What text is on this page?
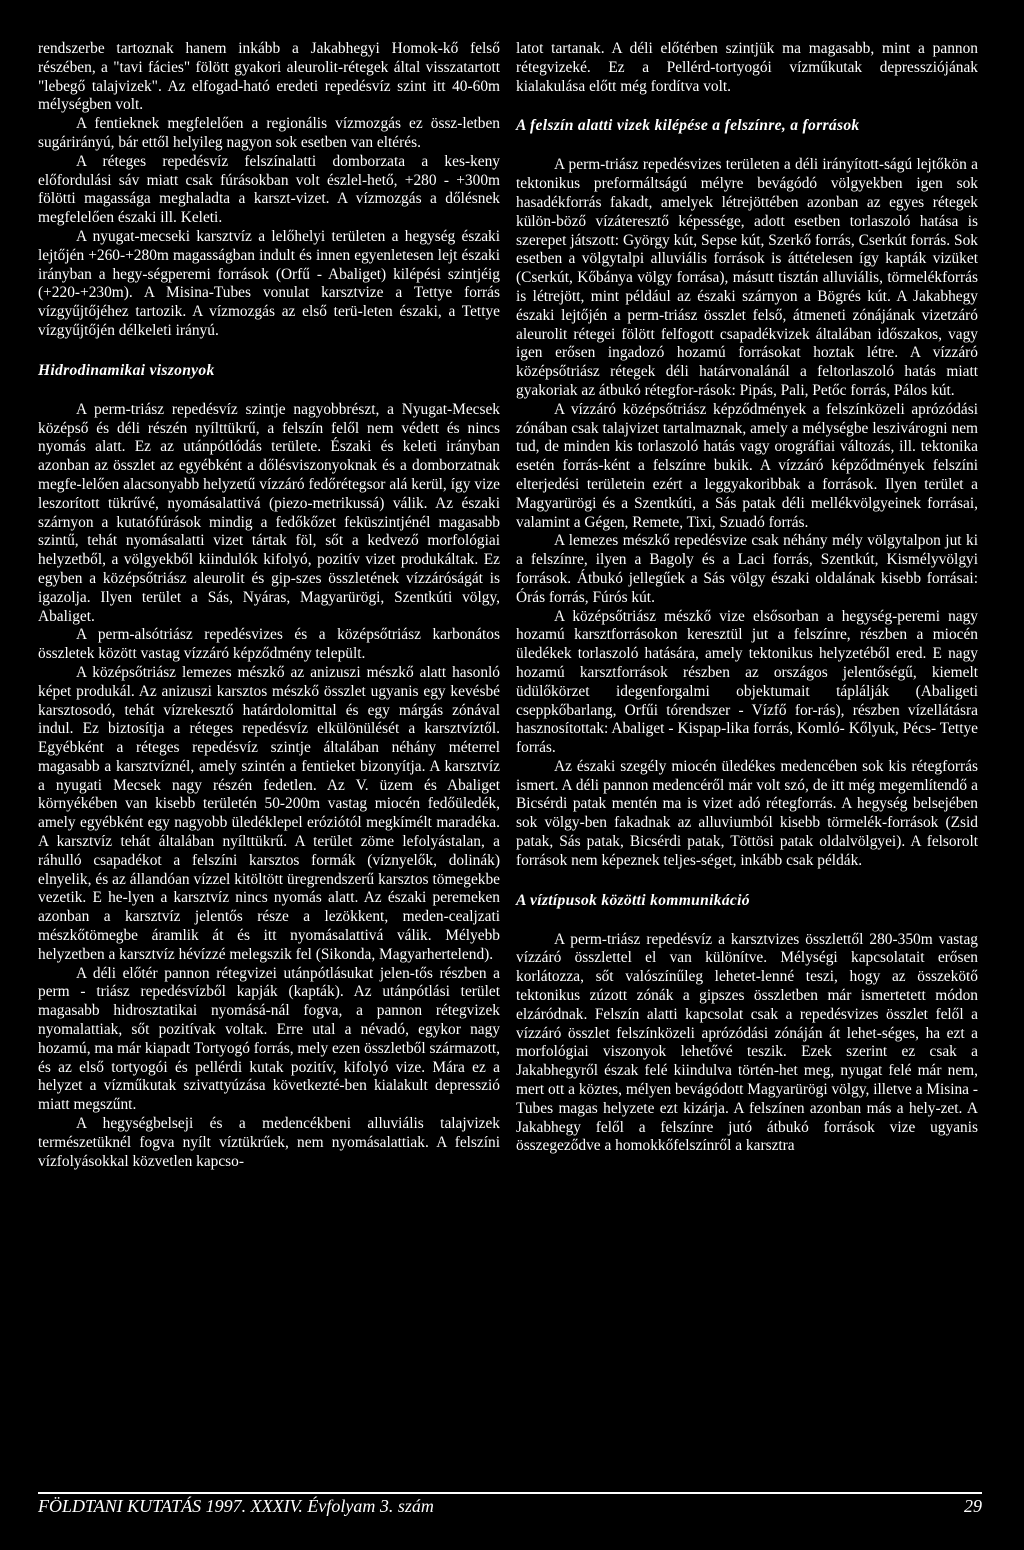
rendszerbe tartoznak hanem inkább a Jakabhegyi Homok-kő felső részében, a "tavi fácies" fölött gyakori aleurolit-rétegek által visszatartott "lebegő talajvizek". Az elfogad-ható eredeti repedésvíz szint itt 40-60m mélységben volt.

A fentieknek megfelelően a regionális vízmozgás ez össz-letben sugárirányú, bár ettől helyileg nagyon sok esetben van eltérés.

A réteges repedésvíz felszínalatti domborzata a kes-keny előfordulási sáv miatt csak fúrásokban volt észlel-hető, +280 - +300m fölötti magassága meghaladta a karszt-vizet. A vízmozgás a dőlésnek megfelelően északi ill. Keleti.

A nyugat-mecseki karsztvíz a lelőhelyi területen a hegység északi lejtőjén +260-+280m magasságban indult és innen egyenletesen lejt északi irányban a hegy-ségperemi források (Orfű - Abaliget) kilépési szintjéig (+220-+230m). A Misina-Tubes vonulat karsztvize a Tettye forrás vízgyűjtőjéhez tartozik. A vízmozgás az első terü-leten északi, a Tettye vízgyűjtőjén délkeleti irányú.

Hidrodinamikai viszonyok

A perm-triász repedésvíz szintje nagyobbrészt, a Nyugat-Mecsek középső és déli részén nyílttükrű, a felszín felől nem védett és nincs nyomás alatt. Ez az utánpótlódás területe. Északi és keleti irányban azonban az összlet az egyébként a dőlésviszonyoknak és a domborzatnak megfe-lelően alacsonyabb helyzetű vízzáró fedőrétegsor alá kerül, így vize leszorított tükrűvé, nyomásalattivá (piezo-metrikussá) válik. Az északi szárnyon a kutatófúrások mindig a fedőkőzet feküszintjénél magasabb szintű, tehát nyomásalatti vizet tártak föl, sőt a kedvező morfológiai helyzetből, a völgyekből kiindulók kifolyó, pozitív vizet produkáltak. Ez egyben a középsőtriász aleurolit és gip-szes összletének vízzáróságát is igazolja. Ilyen terület a Sás, Nyáras, Magyarürögi, Szentkúti völgy, Abaliget.

A perm-alsótriász repedésvizes és a középsőtriász karbonátos összletek között vastag vízzáró képződmény települt.

A középsőtriász lemezes mészkő az anizuszi mészkő alatt hasonló képet produkál. Az anizuszi karsztos mészkő összlet ugyanis egy kevésbé karsztosodó, tehát vízrekesztő határdolomittal és egy márgás zónával indul. Ez biztosítja a réteges repedésvíz elkülönülését a karsztvíztől. Egyébként a réteges repedésvíz szintje általában néhány méterrel magasabb a karsztvíznél, amely szintén a fentieket bizonyítja. A karsztvíz a nyugati Mecsek nagy részén fedetlen. Az V. üzem és Abaliget környékében van kisebb területén 50-200m vastag miocén fedőüledék, amely egyébként egy nagyobb üledéklepel eróziótól megkímélt maradéka. A karsztvíz tehát általában nyílttükrű. A terület zöme lefolyástalan, a ráhulló csapadékot a felszíni karsztos formák (víznyelők, dolinák) elnyelik, és az állandóan vízzel kitöltött üregrendszerű karsztos tömegekbe vezetik. E he-lyen a karsztvíz nincs nyomás alatt. Az északi peremeken azonban a karsztvíz jelentős része a lezökkent, meden-cealjzati mészkőtömegbe áramlik át és itt nyomásalattivá válik. Mélyebb helyzetben a karsztvíz hévízzé melegszik fel (Sikonda, Magyarhertelend).

A déli előtér pannon rétegvizei utánpótlásukat jelen-tős részben a perm - triász repedésvízből kapják (kapták). Az utánpótlási terület magasabb hidrosztatikai nyomásá-nál fogva, a pannon rétegvizek nyomalattiak, sőt pozitívak voltak. Erre utal a névadó, egykor nagy hozamú, ma már kiapadt Tortyogó forrás, mely ezen összletből származott, és az első tortyogói és pellérdi kutak pozitív, kifolyó vize. Mára ez a helyzet a vízműkutak szivattyúzása következté-ben kialakult depresszió miatt megszűnt.

A hegységbelseji és a medencékbeni alluviális talajvizek természetüknél fogva nyílt víztükrűek, nem nyomásalattiak. A felszíni vízfolyásokkal közvetlen kapcso-

latot tartanak. A déli előtérben szintjük ma magasabb, mint a pannon rétegvizeké. Ez a Pellérd-tortyogói vízműkutak depressziójának kialakulása előtt még fordítva volt.

A felszín alatti vizek kilépése a felszínre, a források

A perm-triász repedésvizes területen a déli irányított-ságú lejtőkön a tektonikus preformáltságú mélyre bevágódó völgyekben igen sok hasadékforrás fakadt, amelyek létrejöttében azonban az egyes rétegek külön-böző vízáteresztő képessége, adott esetben torlaszoló hatása is szerepet játszott: György kút, Sepse kút, Szerkő forrás, Cserkút forrás. Sok esetben a völgytalpi alluviális források is áttételesen így kapták vizüket (Cserkút, Kőbánya völgy forrása), másutt tisztán alluviális, törmelékforrás is létrejött, mint például az északi szárnyon a Bögrés kút. A Jakabhegy északi lejtőjén a perm-triász összlet felső, átmeneti zónájának vizetzáró aleurolit rétegei fölött felfogott csapadékvizek általában időszakos, vagy igen erősen ingadozó hozamú forrásokat hoztak létre. A vízzáró középsőtriász rétegek déli határvonalánál a feltorlaszoló hatás miatt gyakoriak az átbukó rétegfor-rások: Pipás, Pali, Petőc forrás, Pálos kút.

A vízzáró középsőtriász képződmények a felszínközeli aprózódási zónában csak talajvizet tartalmaznak, amely a mélységbe leszivárogni nem tud, de minden kis torlaszoló hatás vagy orográfiai változás, ill. tektonika esetén forrás-ként a felszínre bukik. A vízzáró képződmények felszíni elterjedési területein ezért a leggyakoribbak a források. Ilyen terület a Magyarürögi és a Szentkúti, a Sás patak déli mellékvölgyeinek forrásai, valamint a Gégen, Remete, Tixi, Szuadó forrás.

A lemezes mészkő repedésvize csak néhány mély völgytalpon jut ki a felszínre, ilyen a Bagoly és a Laci forrás, Szentkút, Kismélyvölgyi források. Átbukó jellegűek a Sás völgy északi oldalának kisebb forrásai: Órás forrás, Fúrós kút.

A középsőtriász mészkő vize elsősorban a hegység-peremi nagy hozamú karsztforrásokon keresztül jut a felszínre, részben a miocén üledékek torlaszoló hatására, amely tektonikus helyzetéből ered. E nagy hozamú karsztforrások részben az országos jelentőségű, kiemelt üdülőkörzet idegenforgalmi objektumait táplálják (Abaligeti cseppkőbarlang, Orfűi tórendszer - Vízfő for-rás), részben vízellátásra hasznosítottak: Abaliget - Kispap-lika forrás, Komló- Kőlyuk, Pécs- Tettye forrás.

Az északi szegély miocén üledékes medencében sok kis rétegforrás ismert. A déli pannon medencéről már volt szó, de itt még megemlítendő a Bicsérdi patak mentén ma is vizet adó rétegforrás. A hegység belsejében sok völgy-ben fakadnak az alluviumból kisebb törmelék-források (Zsid patak, Sás patak, Bicsérdi patak, Töttösi patak oldalvölgyei). A felsorolt források nem képeznek teljes-séget, inkább csak példák.

A víztípusok közötti kommunikáció

A perm-triász repedésvíz a karsztvizes összlettől 280-350m vastag vízzáró összlettel el van különítve. Mélységi kapcsolatait erősen korlátozza, sőt valószínűleg lehetet-lenné teszi, hogy az összekötő tektonikus zúzott zónák a gipszes összletben már ismertetett módon elzáródnak. Felszín alatti kapcsolat csak a repedésvizes összlet felől a vízzáró összlet felszínközeli aprózódási zónáján át lehet-séges, ha ezt a morfológiai viszonyok lehetővé teszik. Ezek szerint ez csak a Jakabhegyről észak felé kiindulva történ-het meg, nyugat felé már nem, mert ott a köztes, mélyen bevágódott Magyarürögi völgy, illetve a Misina - Tubes magas helyzete ezt kizárja. A felszínen azonban más a hely-zet. A Jakabhegy felől a felszínre jutó átbukó források vize ugyanis összegeződve a homokkőfelszínről a karsztra

FÖLDTANI KUTATÁS 1997. XXXIV. Évfolyam 3. szám	29
